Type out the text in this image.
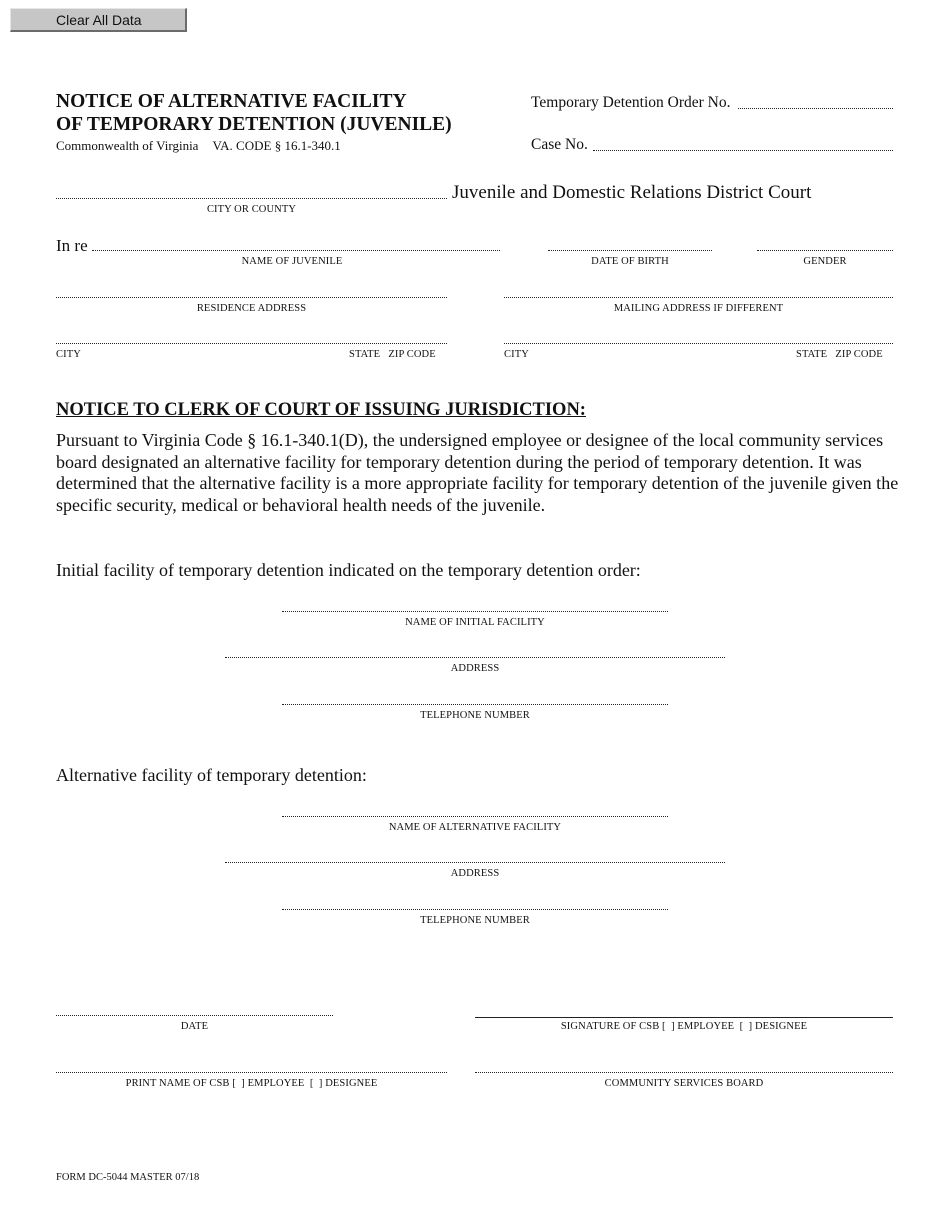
Clear All Data
NOTICE OF ALTERNATIVE FACILITY
OF TEMPORARY DETENTION (JUVENILE)
Commonwealth of Virginia VA. CODE § 16.1-340.1
Temporary Detention Order No.
Case No.
Juvenile and Domestic Relations District Court
CITY OR COUNTY
In re
NAME OF JUVENILE	DATE OF BIRTH	GENDER
RESIDENCE ADDRESS	MAILING ADDRESS IF DIFFERENT
CITY	STATE   ZIP CODE	CITY	STATE   ZIP CODE
NOTICE TO CLERK OF COURT OF ISSUING JURISDICTION:

Pursuant to Virginia Code § 16.1-340.1(D), the undersigned employee or designee of the local community services board designated an alternative facility for temporary detention during the period of temporary detention. It was determined that the alternative facility is a more appropriate facility for temporary detention of the juvenile given the specific security, medical or behavioral health needs of the juvenile.

Initial facility of temporary detention indicated on the temporary detention order:
NAME OF INITIAL FACILITY
ADDRESS
TELEPHONE NUMBER
Alternative facility of temporary detention:
NAME OF ALTERNATIVE FACILITY
ADDRESS
TELEPHONE NUMBER
DATE	SIGNATURE OF CSB [  ] EMPLOYEE  [  ] DESIGNEE
PRINT NAME OF CSB [  ] EMPLOYEE  [  ] DESIGNEE	COMMUNITY SERVICES BOARD
FORM DC-5044 MASTER 07/18
